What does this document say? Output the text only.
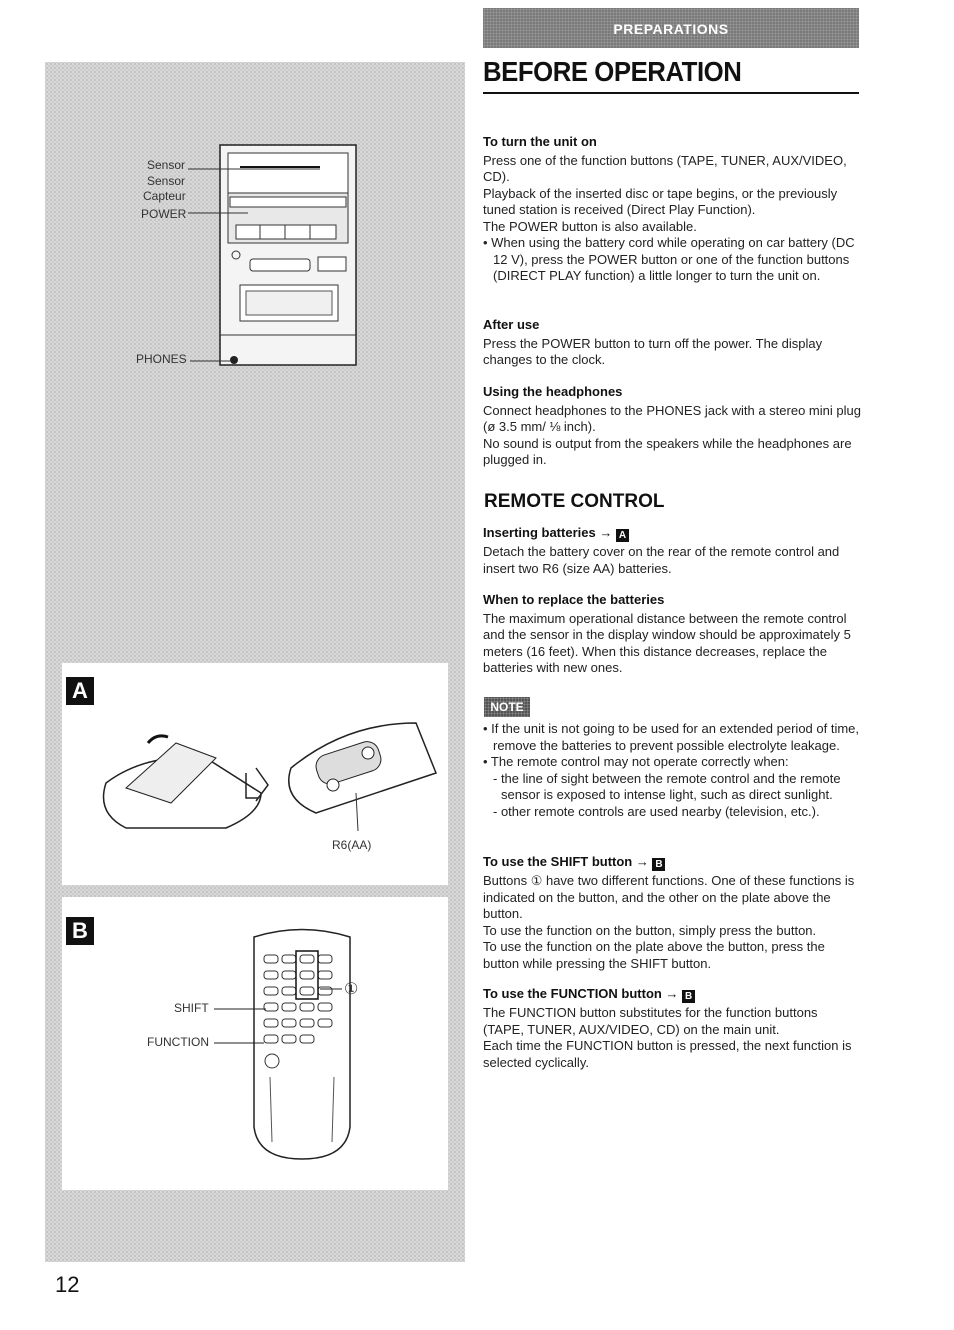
Sensor
Sensor
Capteur
POWER
PHONES
A
R6(AA)
B
SHIFT
FUNCTION
①
PREPARATIONS
BEFORE OPERATION
To turn the unit on

Press one of the function buttons (TAPE, TUNER, AUX/VIDEO, CD).

Playback of the inserted disc or tape begins, or the previously tuned station is received (Direct Play Function).

The POWER button is also available.

• When using the battery cord while operating on car battery (DC 12 V), press the POWER button or one of the function buttons (DIRECT PLAY function) a little longer to turn the unit on.

After use

Press the POWER button to turn off the power. The display changes to the clock.

Using the headphones

Connect headphones to the PHONES jack with a stereo mini plug (ø 3.5 mm/ ⅛ inch).

No sound is output from the speakers while the headphones are plugged in.

REMOTE CONTROL
Inserting batteries → A

Detach the battery cover on the rear of the remote control and insert two R6 (size AA) batteries.

When to replace the batteries

The maximum operational distance between the remote control and the sensor in the display window should be approximately 5 meters (16 feet). When this distance decreases, replace the batteries with new ones.

NOTE

• If the unit is not going to be used for an extended period of time, remove the batteries to prevent possible electrolyte leakage.

• The remote control may not operate correctly when:

- the line of sight between the remote control and the remote sensor is exposed to intense light, such as direct sunlight.

- other remote controls are used nearby (television, etc.).

To use the SHIFT button → B

Buttons ① have two different functions. One of these functions is indicated on the button, and the other on the plate above the button.

To use the function on the button, simply press the button.

To use the function on the plate above the button, press the button while pressing the SHIFT button.

To use the FUNCTION button → B

The FUNCTION button substitutes for the function buttons (TAPE, TUNER, AUX/VIDEO, CD) on the main unit.

Each time the FUNCTION button is pressed, the next function is selected cyclically.

12
